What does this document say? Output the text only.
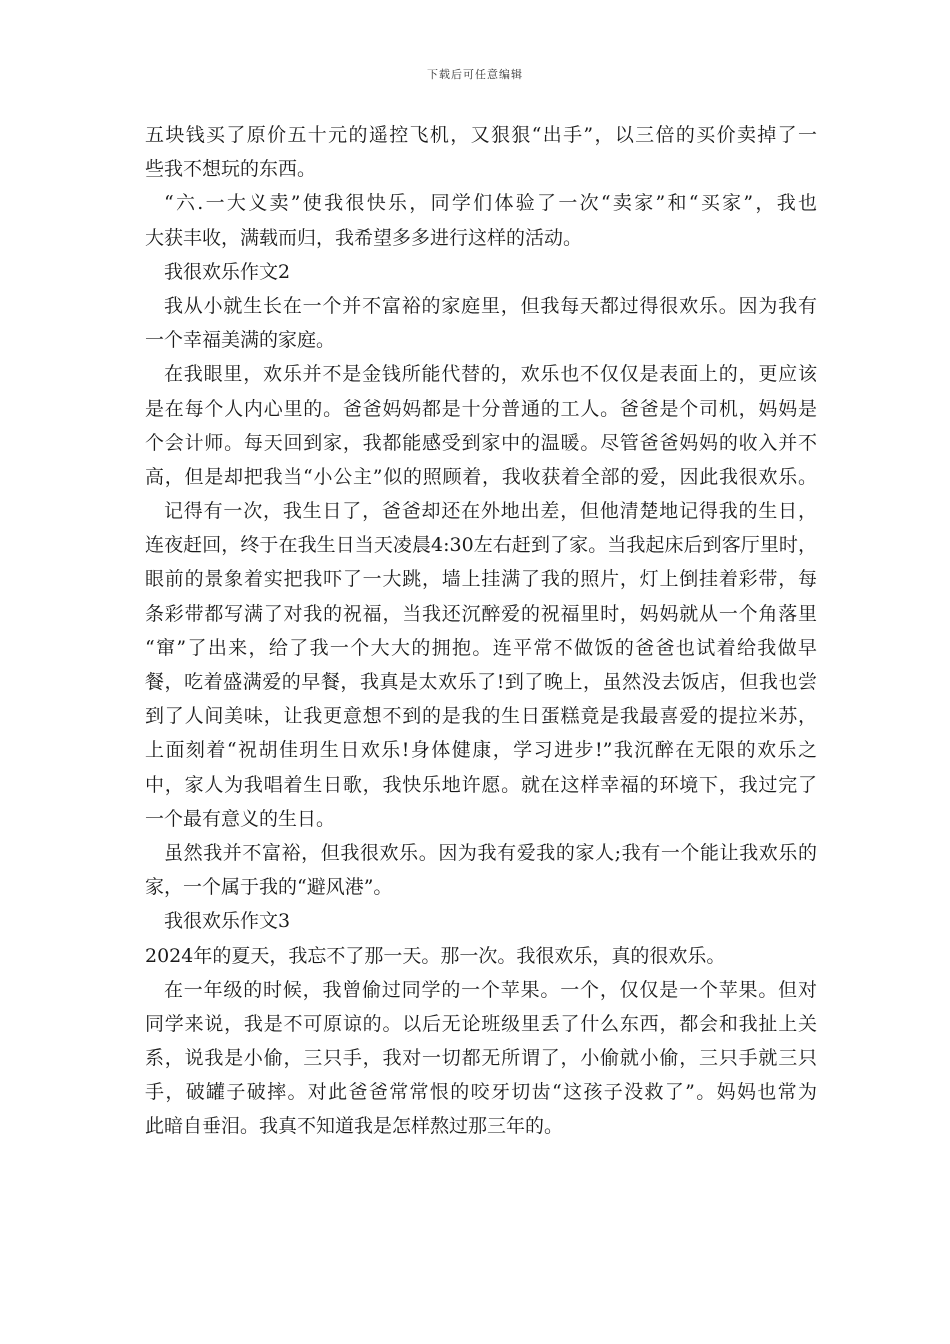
下载后可任意编辑
五块钱买了原价五十元的遥控飞机，又狠狠“出手”，以三倍的买价卖掉了一
些我不想玩的东西。
“六.一大义卖”使我很快乐，同学们体验了一次“卖家”和“买家”，我也
大获丰收，满载而归，我希望多多进行这样的活动。
我很欢乐作文2
我从小就生长在一个并不富裕的家庭里，但我每天都过得很欢乐。因为我有
一个幸福美满的家庭。
在我眼里，欢乐并不是金钱所能代替的，欢乐也不仅仅是表面上的，更应该
是在每个人内心里的。爸爸妈妈都是十分普通的工人。爸爸是个司机，妈妈是
个会计师。每天回到家，我都能感受到家中的温暖。尽管爸爸妈妈的收入并不
高，但是却把我当“小公主”似的照顾着，我收获着全部的爱，因此我很欢乐。
记得有一次，我生日了，爸爸却还在外地出差，但他清楚地记得我的生日，
连夜赶回，终于在我生日当天凌晨4:30左右赶到了家。当我起床后到客厅里时，
眼前的景象着实把我吓了一大跳，墙上挂满了我的照片，灯上倒挂着彩带，每
条彩带都写满了对我的祝福，当我还沉醉爱的祝福里时，妈妈就从一个角落里
“窜”了出来，给了我一个大大的拥抱。连平常不做饭的爸爸也试着给我做早
餐，吃着盛满爱的早餐，我真是太欢乐了!到了晚上，虽然没去饭店，但我也尝
到了人间美味，让我更意想不到的是我的生日蛋糕竟是我最喜爱的提拉米苏，
上面刻着“祝胡佳玥生日欢乐!身体健康，学习进步!”我沉醉在无限的欢乐之
中，家人为我唱着生日歌，我快乐地许愿。就在这样幸福的环境下，我过完了
一个最有意义的生日。
虽然我并不富裕，但我很欢乐。因为我有爱我的家人;我有一个能让我欢乐的
家，一个属于我的“避风港”。
我很欢乐作文3
2024年的夏天，我忘不了那一天。那一次。我很欢乐，真的很欢乐。
在一年级的时候，我曾偷过同学的一个苹果。一个，仅仅是一个苹果。但对
同学来说，我是不可原谅的。以后无论班级里丢了什么东西，都会和我扯上关
系，说我是小偷，三只手，我对一切都无所谓了，小偷就小偷，三只手就三只
手，破罐子破摔。对此爸爸常常恨的咬牙切齿“这孩子没救了”。妈妈也常为
此暗自垂泪。我真不知道我是怎样熬过那三年的。
